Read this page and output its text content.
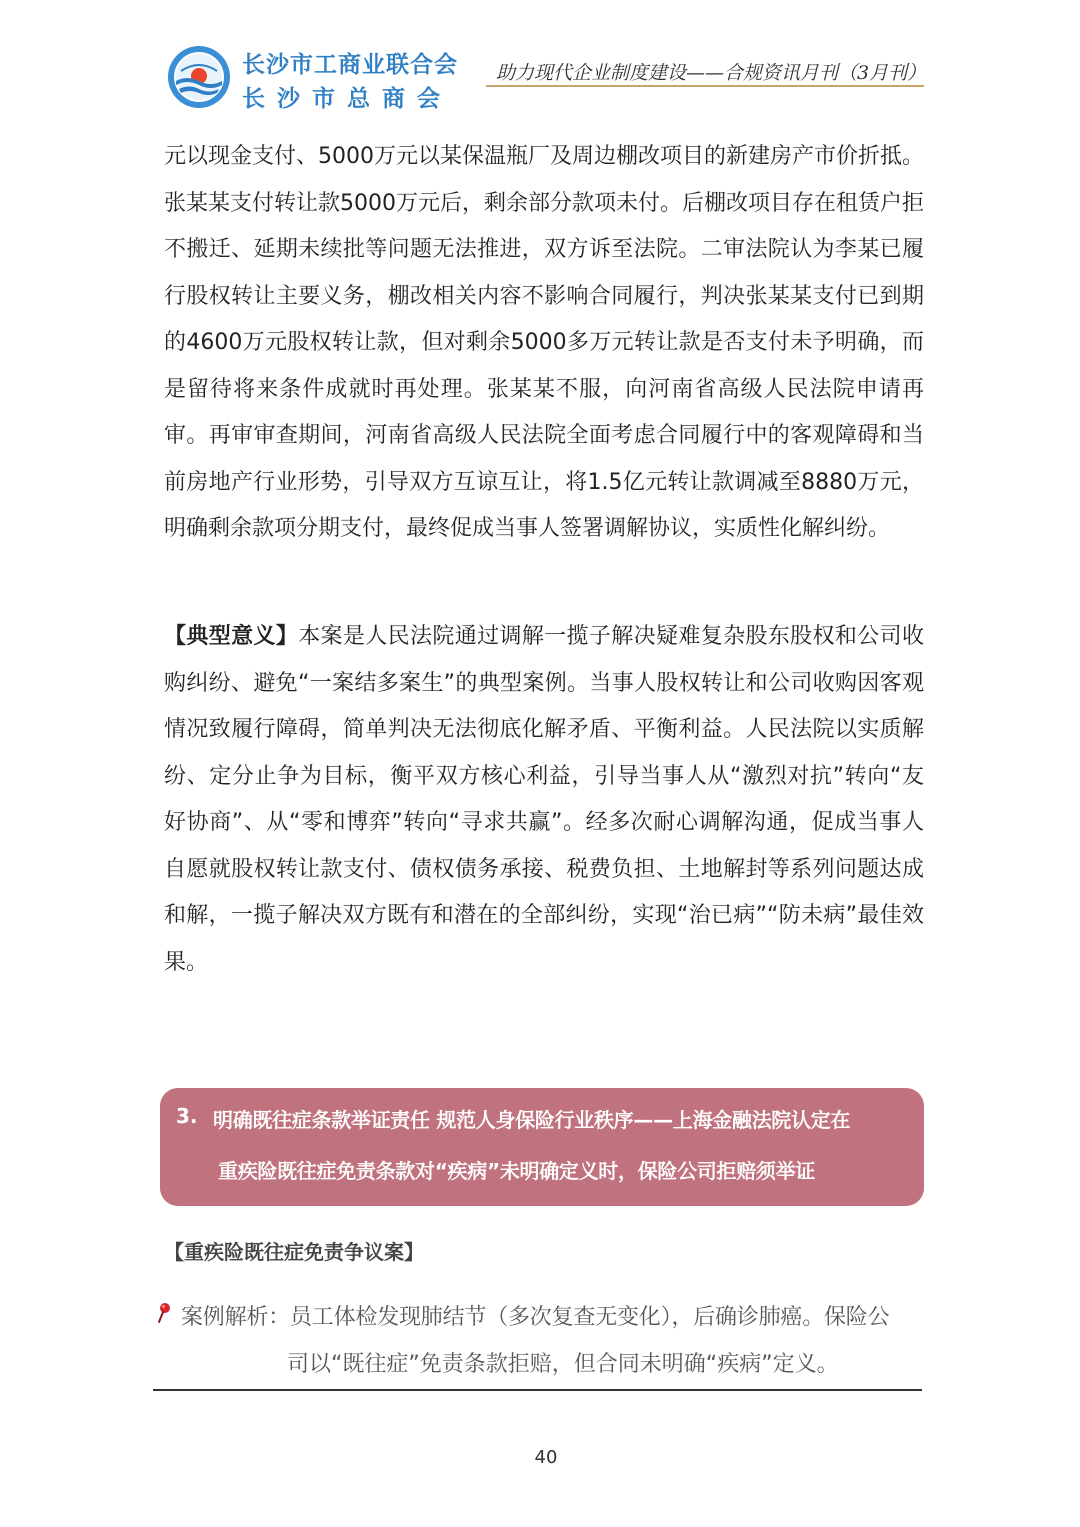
长沙市工商业联合会
长沙市总商会
助力现代企业制度建设——合规资讯月刊（3月刊）

元以现金支付、5000万元以某保温瓶厂及周边棚改项目的新建房产市价折抵。张某某支付转让款5000万元后，剩余部分款项未付。后棚改项目存在租赁户拒不搬迁、延期未续批等问题无法推进，双方诉至法院。二审法院认为李某已履行股权转让主要义务，棚改相关内容不影响合同履行，判决张某某支付已到期的4600万元股权转让款，但对剩余5000多万元转让款是否支付未予明确，而是留待将来条件成就时再处理。张某某不服，向河南省高级人民法院申请再审。再审审查期间，河南省高级人民法院全面考虑合同履行中的客观障碍和当前房地产行业形势，引导双方互谅互让，将1.5亿元转让款调减至8880万元，明确剩余款项分期支付，最终促成当事人签署调解协议，实质性化解纠纷。

【典型意义】本案是人民法院通过调解一揽子解决疑难复杂股东股权和公司收购纠纷、避免“一案结多案生”的典型案例。当事人股权转让和公司收购因客观情况致履行障碍，简单判决无法彻底化解矛盾、平衡利益。人民法院以实质解纷、定分止争为目标，衡平双方核心利益，引导当事人从“激烈对抗”转向“友好协商”、从“零和博弈”转向“寻求共赢”。经多次耐心调解沟通，促成当事人自愿就股权转让款支付、债权债务承接、税费负担、土地解封等系列问题达成和解，一揽子解决双方既有和潜在的全部纠纷，实现“治已病”“防未病”最佳效果。

3. 明确既往症条款举证责任 规范人身保险行业秩序——上海金融法院认定在
重疾险既往症免责条款对“疾病”未明确定义时，保险公司拒赔须举证
【重疾险既往症免责争议案】
案例解析：员工体检发现肺结节（多次复查无变化），后确诊肺癌。保险公
司以“既往症”免责条款拒赔，但合同未明确“疾病”定义。
40
